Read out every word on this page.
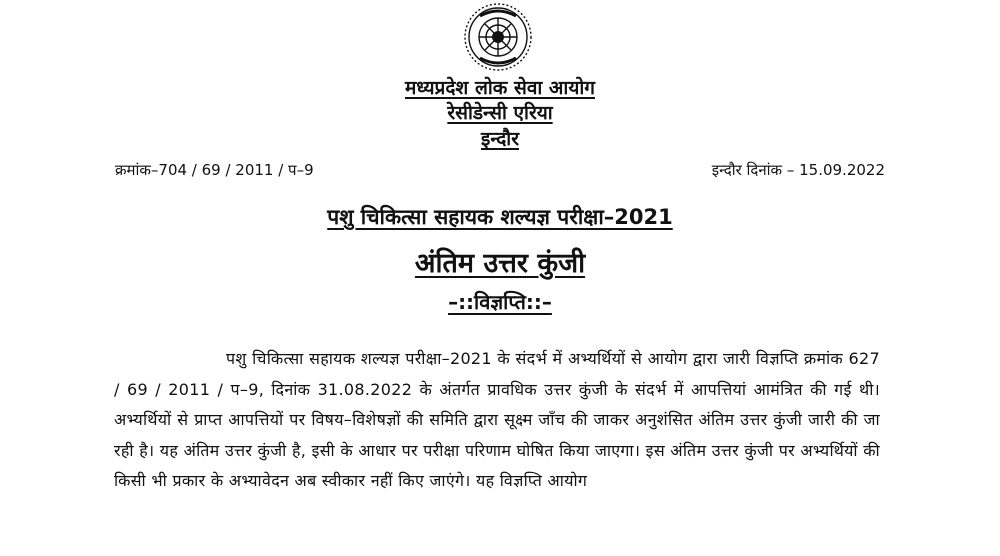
मध्यप्रदेश लोक सेवा आयोग
रेसीडेन्सी एरिया
इन्दौर
क्रमांक–704 / 69 / 2011 / प–9	इन्दौर दिनांक – 15.09.2022
पशु चिकित्सा सहायक शल्यज्ञ परीक्षा–2021
अंतिम उत्तर कुंजी
–::विज्ञप्ति::–
पशु चिकित्सा सहायक शल्यज्ञ परीक्षा–2021 के संदर्भ में अभ्यर्थियों से आयोग द्वारा जारी विज्ञप्ति क्रमांक 627 / 69 / 2011 / प–9, दिनांक 31.08.2022 के अंतर्गत प्रावधिक उत्तर कुंजी के संदर्भ में आपत्तियां आमंत्रित की गई थी। अभ्यर्थियों से प्राप्त आपत्तियों पर विषय–विशेषज्ञों की समिति द्वारा सूक्ष्म जाँच की जाकर अनुशंसित अंतिम उत्तर कुंजी जारी की जा रही है। यह अंतिम उत्तर कुंजी है, इसी के आधार पर परीक्षा परिणाम घोषित किया जाएगा। इस अंतिम उत्तर कुंजी पर अभ्यर्थियों की किसी भी प्रकार के अभ्यावेदन अब स्वीकार नहीं किए जाएंगे। यह विज्ञप्ति आयोग
